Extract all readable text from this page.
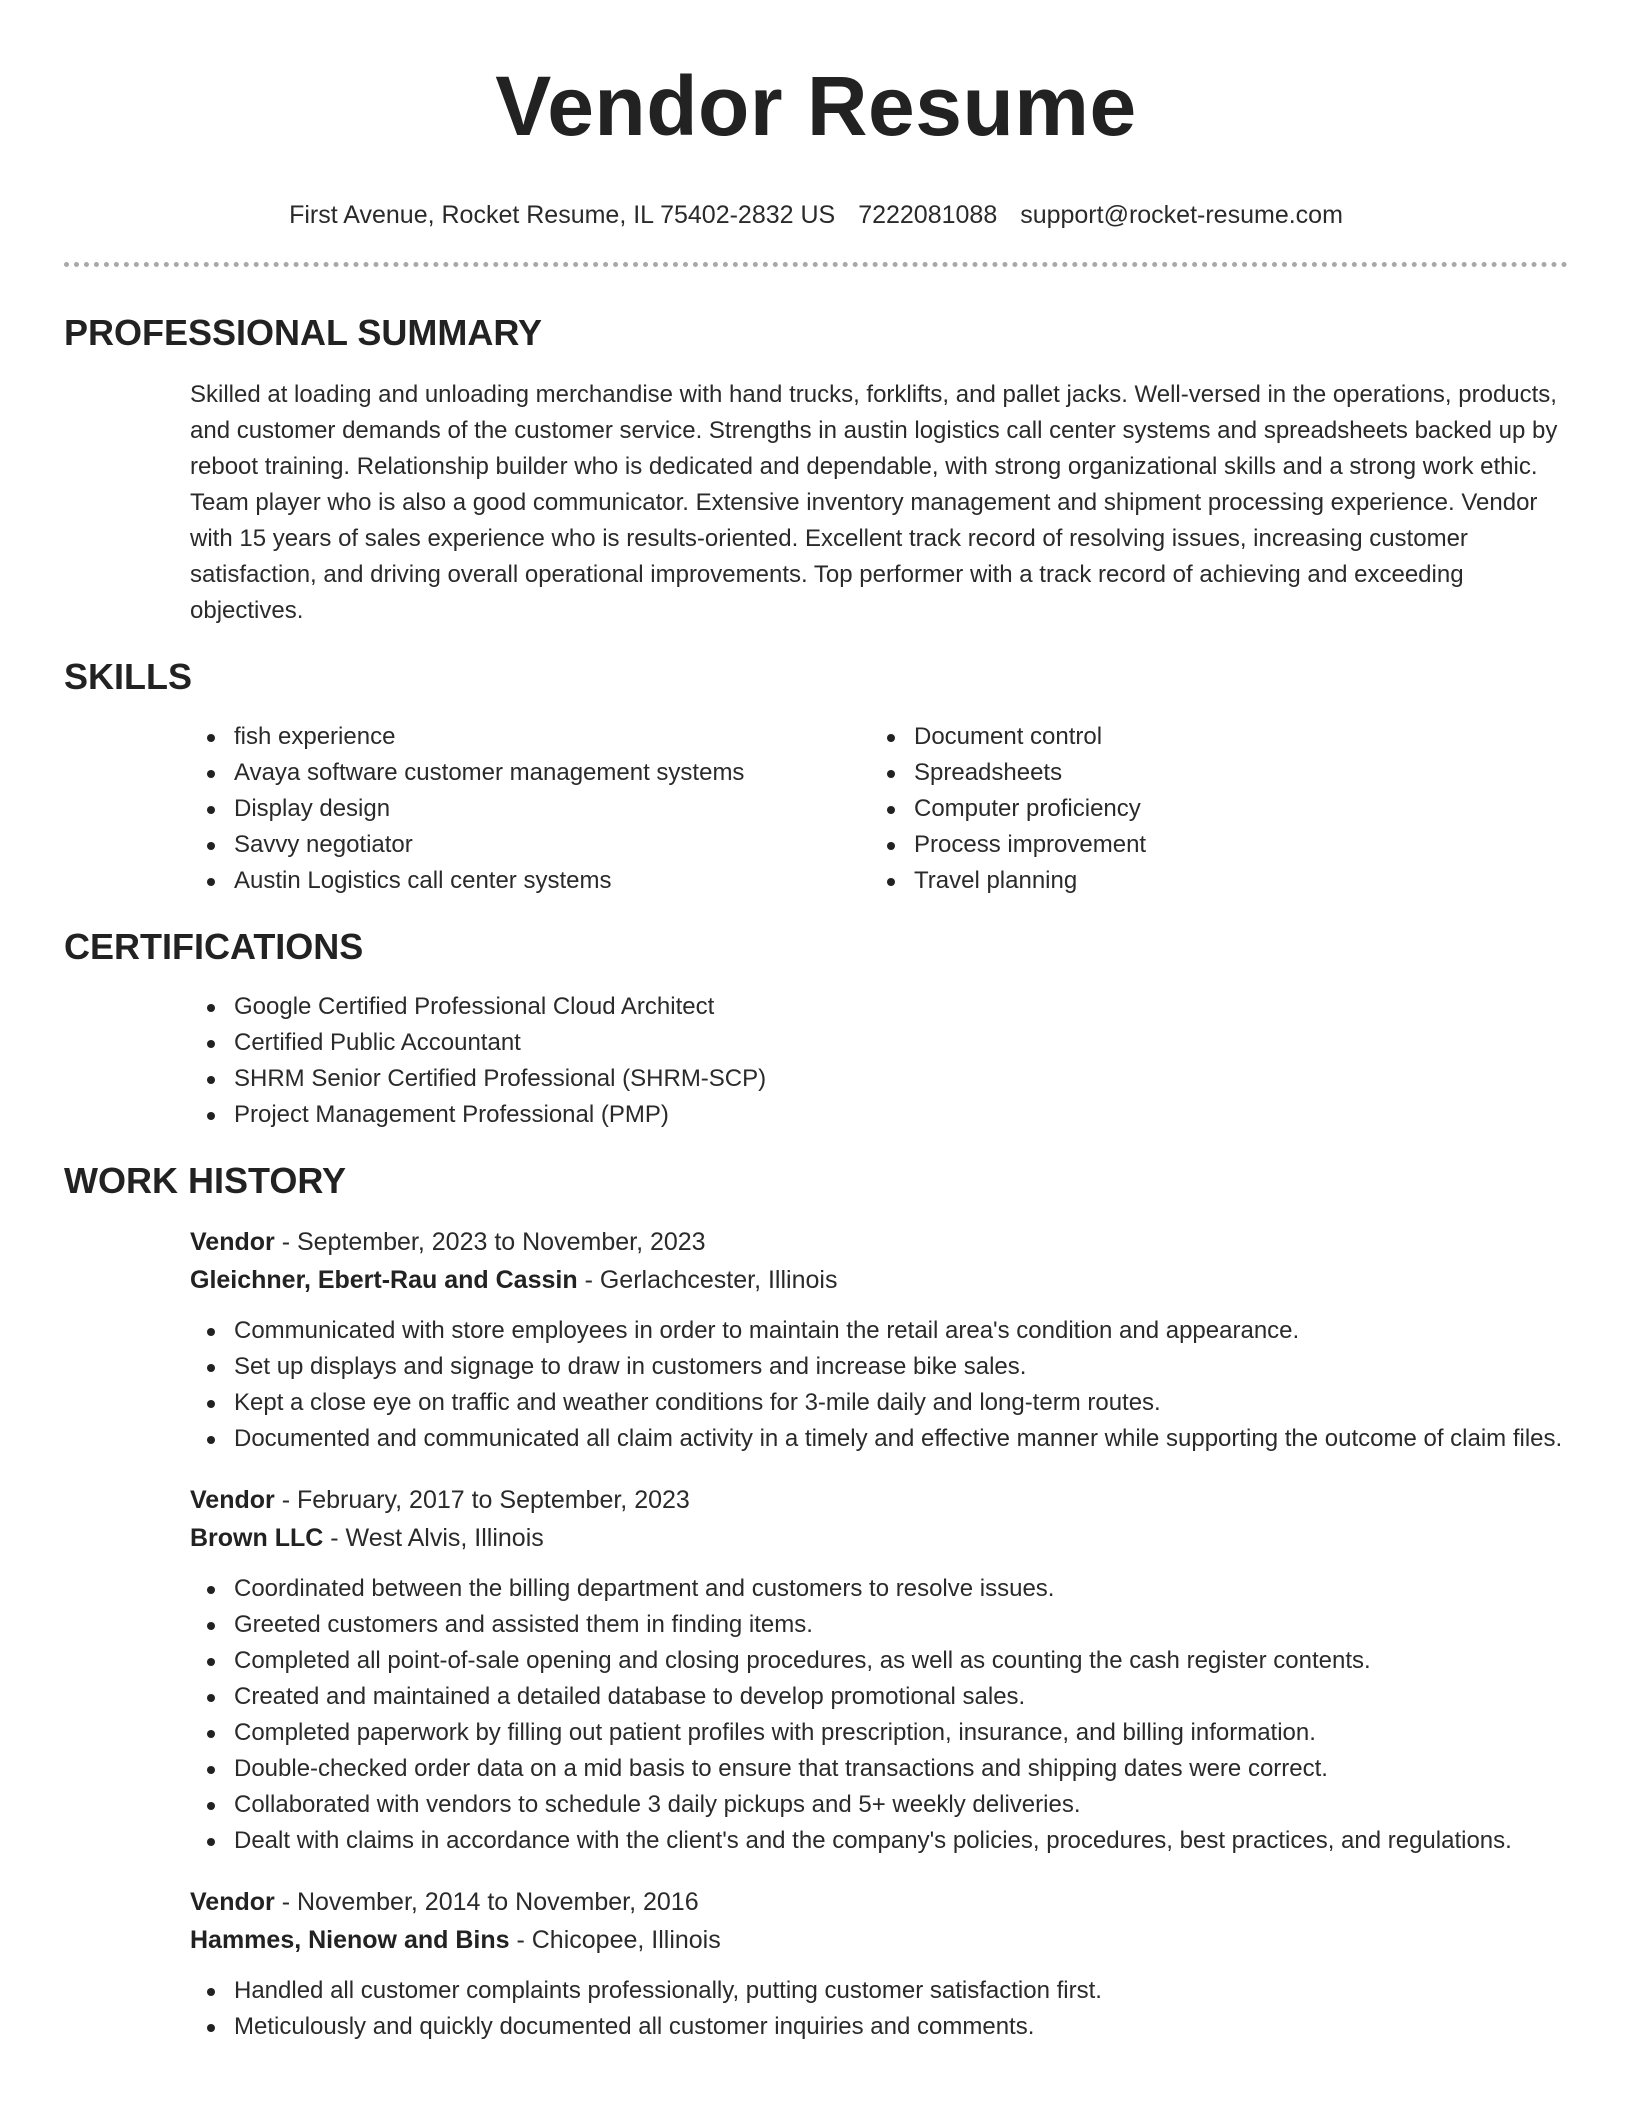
Vendor Resume
First Avenue, Rocket Resume, IL 75402-2832 US 7222081088 support@rocket-resume.com
PROFESSIONAL SUMMARY

Skilled at loading and unloading merchandise with hand trucks, forklifts, and pallet jacks. Well-versed in the operations, products, and customer demands of the customer service. Strengths in austin logistics call center systems and spreadsheets backed up by reboot training. Relationship builder who is dedicated and dependable, with strong organizational skills and a strong work ethic. Team player who is also a good communicator. Extensive inventory management and shipment processing experience. Vendor with 15 years of sales experience who is results-oriented. Excellent track record of resolving issues, increasing customer satisfaction, and driving overall operational improvements. Top performer with a track record of achieving and exceeding objectives.

SKILLS
fish experience
Avaya software customer management systems
Display design
Savvy negotiator
Austin Logistics call center systems
Document control
Spreadsheets
Computer proficiency
Process improvement
Travel planning
CERTIFICATIONS
Google Certified Professional Cloud Architect
Certified Public Accountant
SHRM Senior Certified Professional (SHRM-SCP)
Project Management Professional (PMP)
WORK HISTORY
Vendor - September, 2023 to November, 2023
Gleichner, Ebert-Rau and Cassin - Gerlachcester, Illinois
Communicated with store employees in order to maintain the retail area's condition and appearance.
Set up displays and signage to draw in customers and increase bike sales.
Kept a close eye on traffic and weather conditions for 3-mile daily and long-term routes.
Documented and communicated all claim activity in a timely and effective manner while supporting the outcome of claim files.
Vendor - February, 2017 to September, 2023
Brown LLC - West Alvis, Illinois
Coordinated between the billing department and customers to resolve issues.
Greeted customers and assisted them in finding items.
Completed all point-of-sale opening and closing procedures, as well as counting the cash register contents.
Created and maintained a detailed database to develop promotional sales.
Completed paperwork by filling out patient profiles with prescription, insurance, and billing information.
Double-checked order data on a mid basis to ensure that transactions and shipping dates were correct.
Collaborated with vendors to schedule 3 daily pickups and 5+ weekly deliveries.
Dealt with claims in accordance with the client's and the company's policies, procedures, best practices, and regulations.
Vendor - November, 2014 to November, 2016
Hammes, Nienow and Bins - Chicopee, Illinois
Handled all customer complaints professionally, putting customer satisfaction first.
Meticulously and quickly documented all customer inquiries and comments.
